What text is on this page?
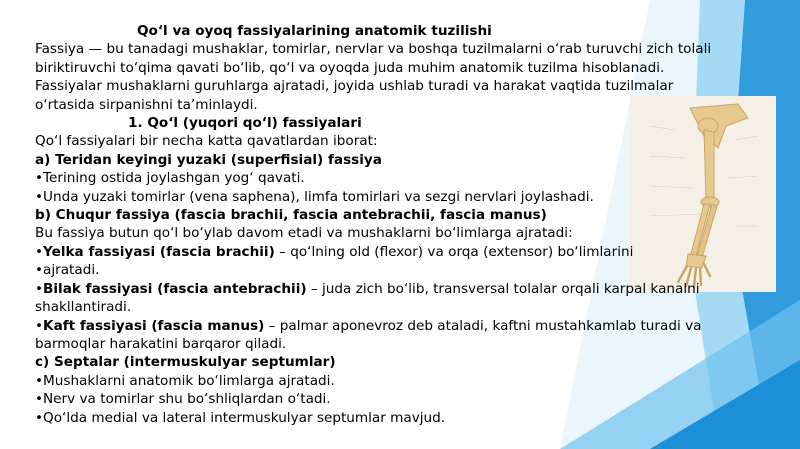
Qo‘l va oyoq fassiyalarining anatomik tuzilishi

Fassiya — bu tanadagi mushaklar, tomirlar, nervlar va boshqa tuzilmalarni o‘rab turuvchi zich tolali

biriktiruvchi to‘qima qavati bo‘lib, qo‘l va oyoqda juda muhim anatomik tuzilma hisoblanadi.

Fassiyalar mushaklarni guruhlarga ajratadi, joyida ushlab turadi va harakat vaqtida tuzilmalar

o‘rtasida sirpanishni ta’minlaydi.

1. Qo‘l (yuqori qo‘l) fassiyalari

Qo‘l fassiyalari bir necha katta qavatlardan iborat:

a) Teridan keyingi yuzaki (superfisial) fassiya

•Terining ostida joylashgan yog‘ qavati.

•Unda yuzaki tomirlar (vena saphena), limfa tomirlari va sezgi nervlari joylashadi.

b) Chuqur fassiya (fascia brachii, fascia antebrachii, fascia manus)

Bu fassiya butun qo‘l bo‘ylab davom etadi va mushaklarni bo‘limlarga ajratadi:

•Yelka fassiyasi (fascia brachii) – qo‘lning old (flexor) va orqa (extensor) bo‘limlarini

•ajratadi.

•Bilak fassiyasi (fascia antebrachii) – juda zich bo‘lib, transversal tolalar orqali karpal kanalni

shakllantiradi.

•Kaft fassiyasi (fascia manus) – palmar aponevroz deb ataladi, kaftni mustahkamlab turadi va

barmoqlar harakatini barqaror qiladi.

c) Septalar (intermuskulyar septumlar)

•Mushaklarni anatomik bo‘limlarga ajratadi.

•Nerv va tomirlar shu bo‘shliqlardan o‘tadi.

•Qo‘lda medial va lateral intermuskulyar septumlar mavjud.
